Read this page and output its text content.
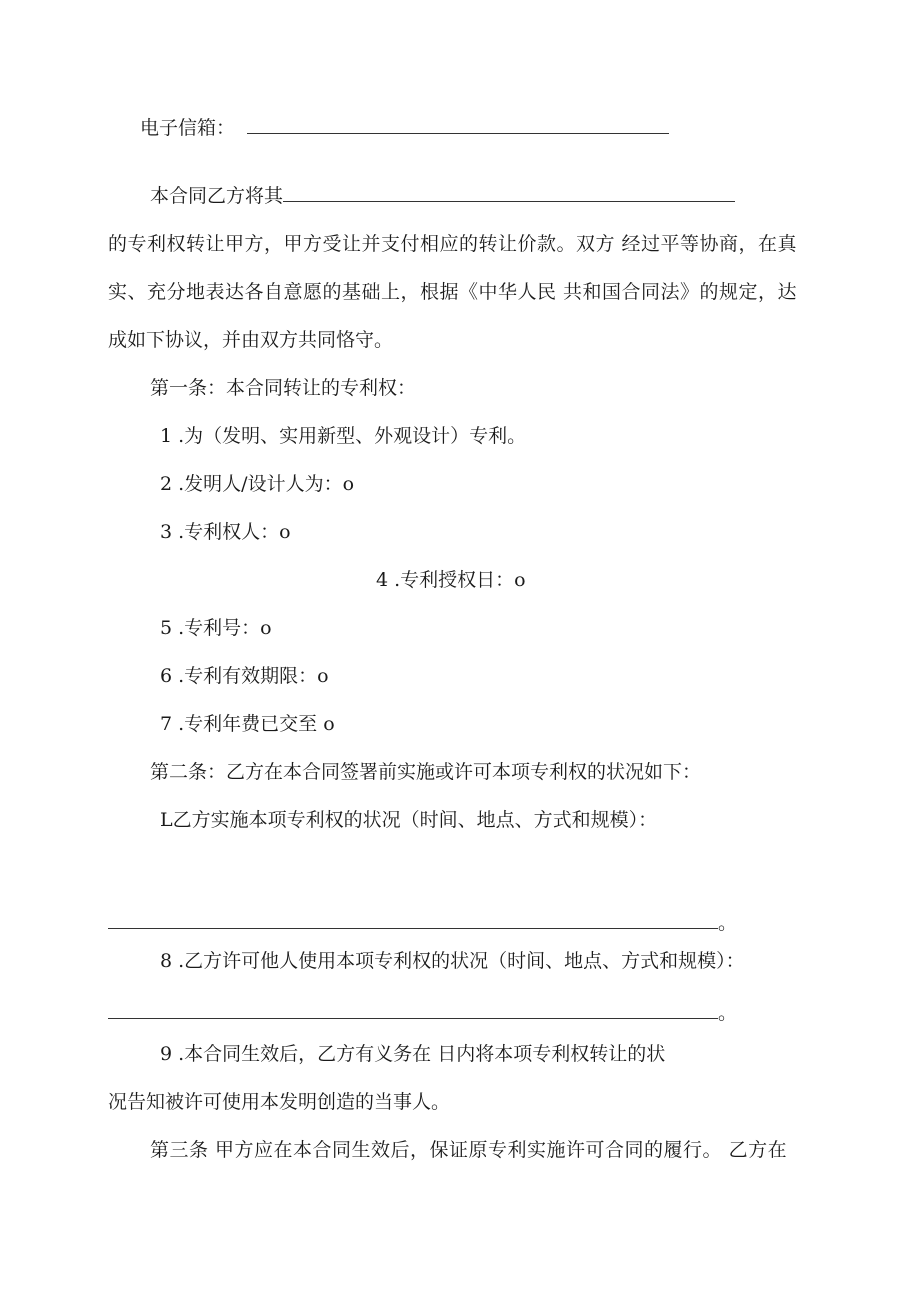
电子信箱：
本合同乙方将其
的专利权转让甲方，甲方受让并支付相应的转让价款。双方 经过平等协商，在真
实、充分地表达各自意愿的基础上，根据《中华人民 共和国合同法》的规定，达
成如下协议，并由双方共同恪守。
第一条：本合同转让的专利权：
1 .为（发明、实用新型、外观设计）专利。
2 .发明人/设计人为：o
3 .专利权人：o
4 .专利授权日：o
5 .专利号：o
6 .专利有效期限：o
7 .专利年费已交至 o
第二条：乙方在本合同签署前实施或许可本项专利权的状况如下：
L乙方实施本项专利权的状况（时间、地点、方式和规模）：
。
8 .乙方许可他人使用本项专利权的状况（时间、地点、方式和规模）：
。
9 .本合同生效后，乙方有义务在 日内将本项专利权转让的状
况告知被许可使用本发明创造的当事人。
第三条 甲方应在本合同生效后，保证原专利实施许可合同的履行。 乙方在
